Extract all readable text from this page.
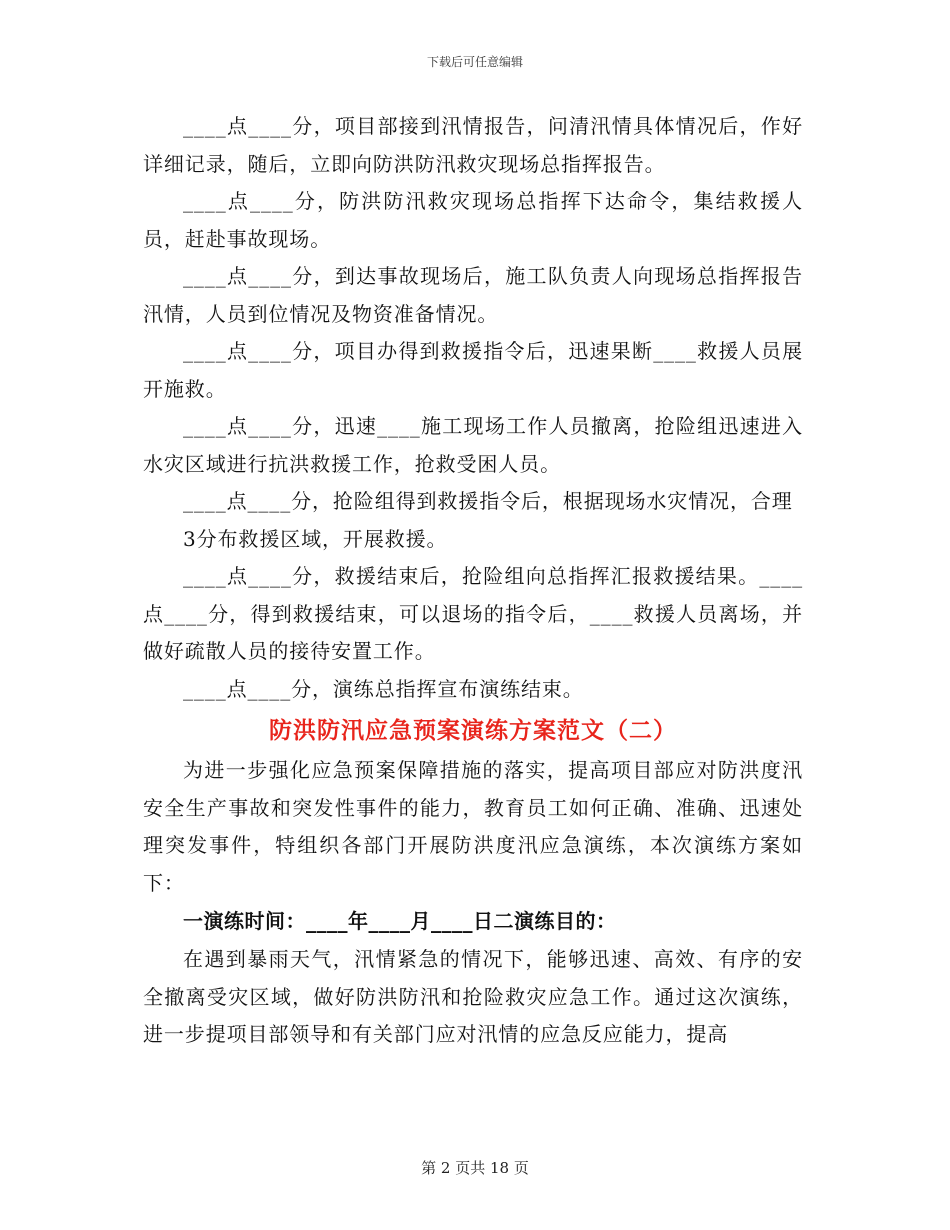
下载后可任意编辑

____点____分，项目部接到汛情报告，问清汛情具体情况后，作好详细记录，随后，立即向防洪防汛救灾现场总指挥报告。

____点____分，防洪防汛救灾现场总指挥下达命令，集结救援人员，赶赴事故现场。

____点____分，到达事故现场后，施工队负责人向现场总指挥报告汛情，人员到位情况及物资准备情况。

____点____分，项目办得到救援指令后，迅速果断____救援人员展开施救。

____点____分，迅速____施工现场工作人员撤离，抢险组迅速进入水灾区域进行抗洪救援工作，抢救受困人员。

____点____分，抢险组得到救援指令后，根据现场水灾情况，合理

3分布救援区域，开展救援。

____点____分，救援结束后，抢险组向总指挥汇报救援结果。____点____分，得到救援结束，可以退场的指令后，____救援人员离场，并做好疏散人员的接待安置工作。

____点____分，演练总指挥宣布演练结束。

防洪防汛应急预案演练方案范文（二）

为进一步强化应急预案保障措施的落实，提高项目部应对防洪度汛安全生产事故和突发性事件的能力，教育员工如何正确、准确、迅速处理突发事件，特组织各部门开展防洪度汛应急演练，本次演练方案如下：

一演练时间：____年____月____日二演练目的：

在遇到暴雨天气，汛情紧急的情况下，能够迅速、高效、有序的安全撤离受灾区域，做好防洪防汛和抢险救灾应急工作。通过这次演练，进一步提项目部领导和有关部门应对汛情的应急反应能力，提高

第 2 页共 18 页
